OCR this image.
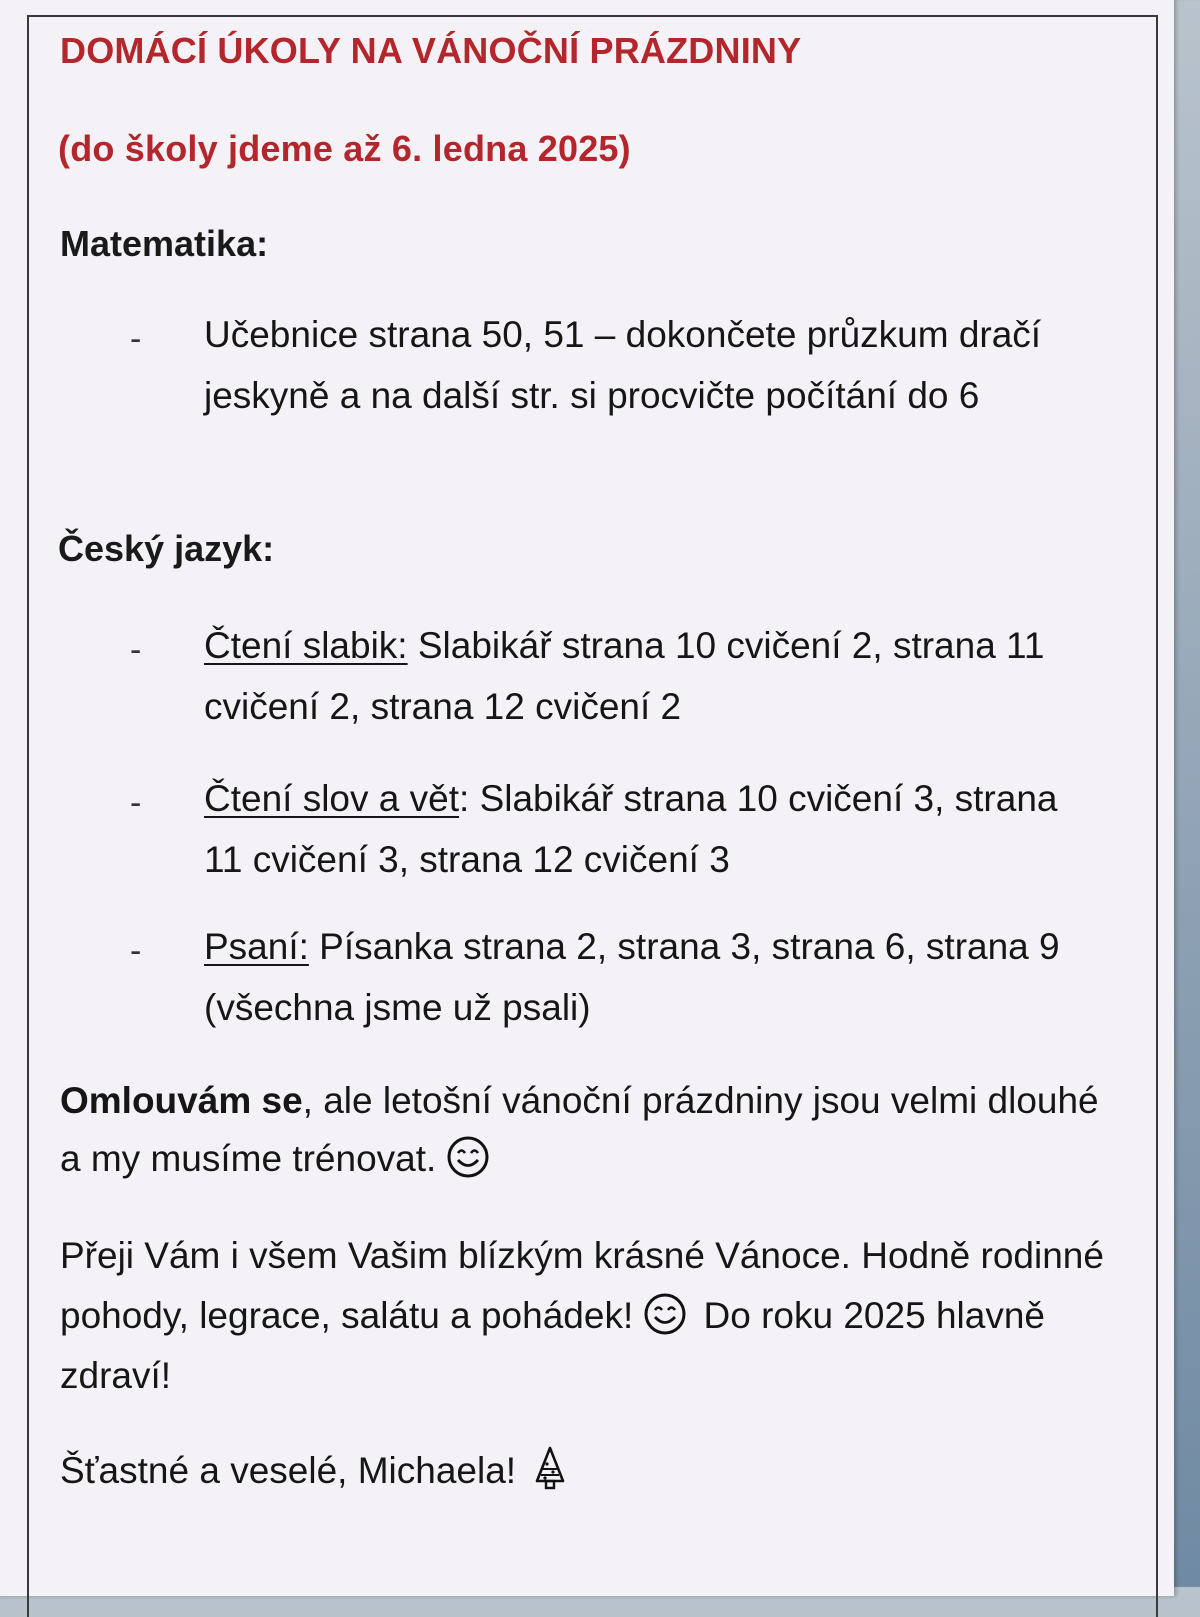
DOMÁCÍ ÚKOLY NA VÁNOČNÍ PRÁZDNINY
(do školy jdeme až 6. ledna 2025)
Matematika:
- Učebnice strana 50, 51 – dokončete průzkum dračí jeskyně a na další str. si procvičte počítání do 6
Český jazyk:
- Čtení slabik: Slabikář strana 10 cvičení 2, strana 11 cvičení 2, strana 12 cvičení 2
- Čtení slov a vět: Slabikář strana 10 cvičení 3, strana 11 cvičení 3, strana 12 cvičení 3
- Psaní: Písanka strana 2, strana 3, strana 6, strana 9 (všechna jsme už psali)
Omlouvám se, ale letošní vánoční prázdniny jsou velmi dlouhé a my musíme trénovat.
Přeji Vám i všem Vašim blízkým krásné Vánoce. Hodně rodinné pohody, legrace, salátu a pohádek! Do roku 2025 hlavně zdraví!
Šťastné a veselé, Michaela!
